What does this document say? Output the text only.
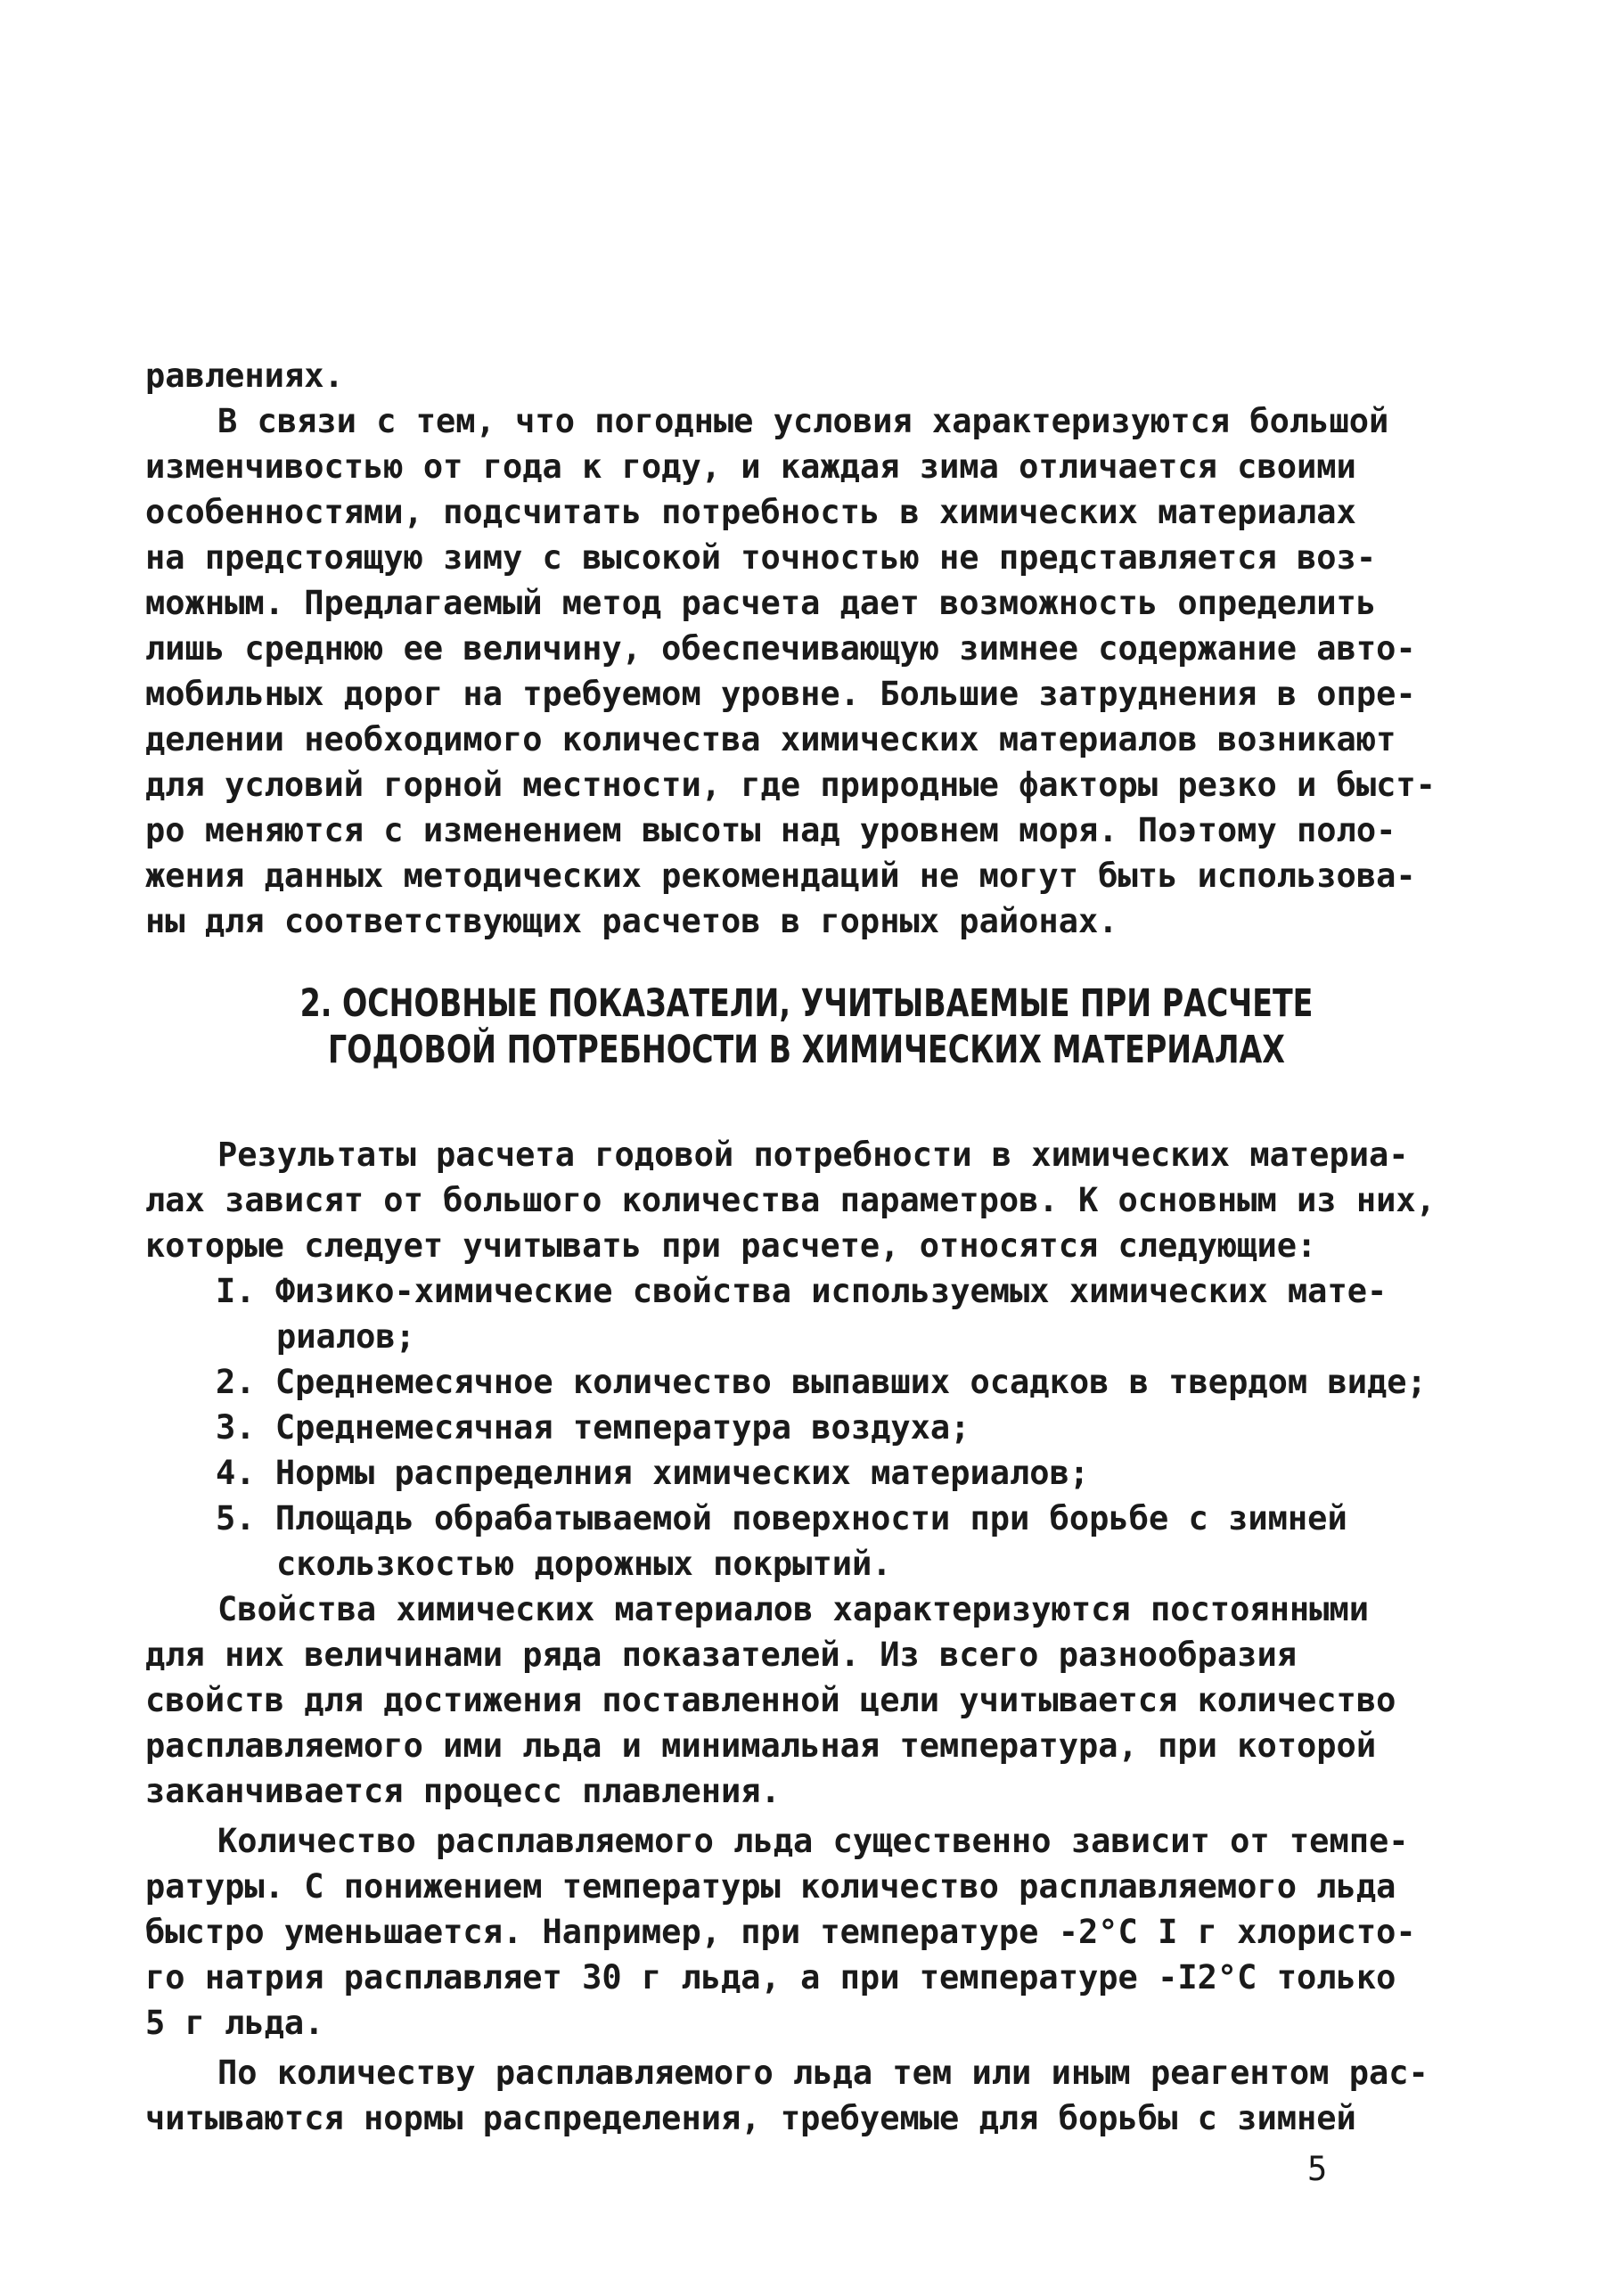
равлениях.
В связи с тем, что погодные условия характеризуются большой
изменчивостью от года к году, и каждая зима отличается своими
особенностями, подсчитать потребность в химических материалах
на предстоящую зиму с высокой точностью не представляется воз-
можным. Предлагаемый метод расчета дает возможность определить
лишь среднюю ее величину, обеспечивающую зимнее содержание авто-
мобильных дорог на требуемом уровне. Большие затруднения в опре-
делении необходимого количества химических материалов возникают
для условий горной местности, где природные факторы резко и быст-
ро меняются с изменением высоты над уровнем моря. Поэтому поло-
жения данных методических рекомендаций не могут быть использова-
ны для соответствующих расчетов в горных районах.
2. ОСНОВНЫЕ ПОКАЗАТЕЛИ, УЧИТЫВАЕМЫЕ ПРИ РАСЧЕТЕ
ГОДОВОЙ ПОТРЕБНОСТИ В ХИМИЧЕСКИХ МАТЕРИАЛАХ
Результаты расчета годовой потребности в химических материа-
лах зависят от большого количества параметров. К основным из них,
которые следует учитывать при расчете, относятся следующие:
I. Физико-химические свойства используемых химических мате-
риалов;
2. Среднемесячное количество выпавших осадков в твердом виде;
3. Среднемесячная температура воздуха;
4. Нормы распределния химических материалов;
5. Площадь обрабатываемой поверхности при борьбе с зимней
скользкостью дорожных покрытий.
Свойства химических материалов характеризуются постоянными
для них величинами ряда показателей. Из всего разнообразия
свойств для достижения поставленной цели учитывается количество
расплавляемого ими льда и минимальная температура, при которой
заканчивается процесс плавления.
Количество расплавляемого льда существенно зависит от темпе-
ратуры. С понижением температуры количество расплавляемого льда
быстро уменьшается. Например, при температуре -2°C I г хлористо-
го натрия расплавляет 30 г льда, а при температуре -I2°C только
5 г льда.
По количеству расплавляемого льда тем или иным реагентом рас-
читываются нормы распределения, требуемые для борьбы с зимней
5
